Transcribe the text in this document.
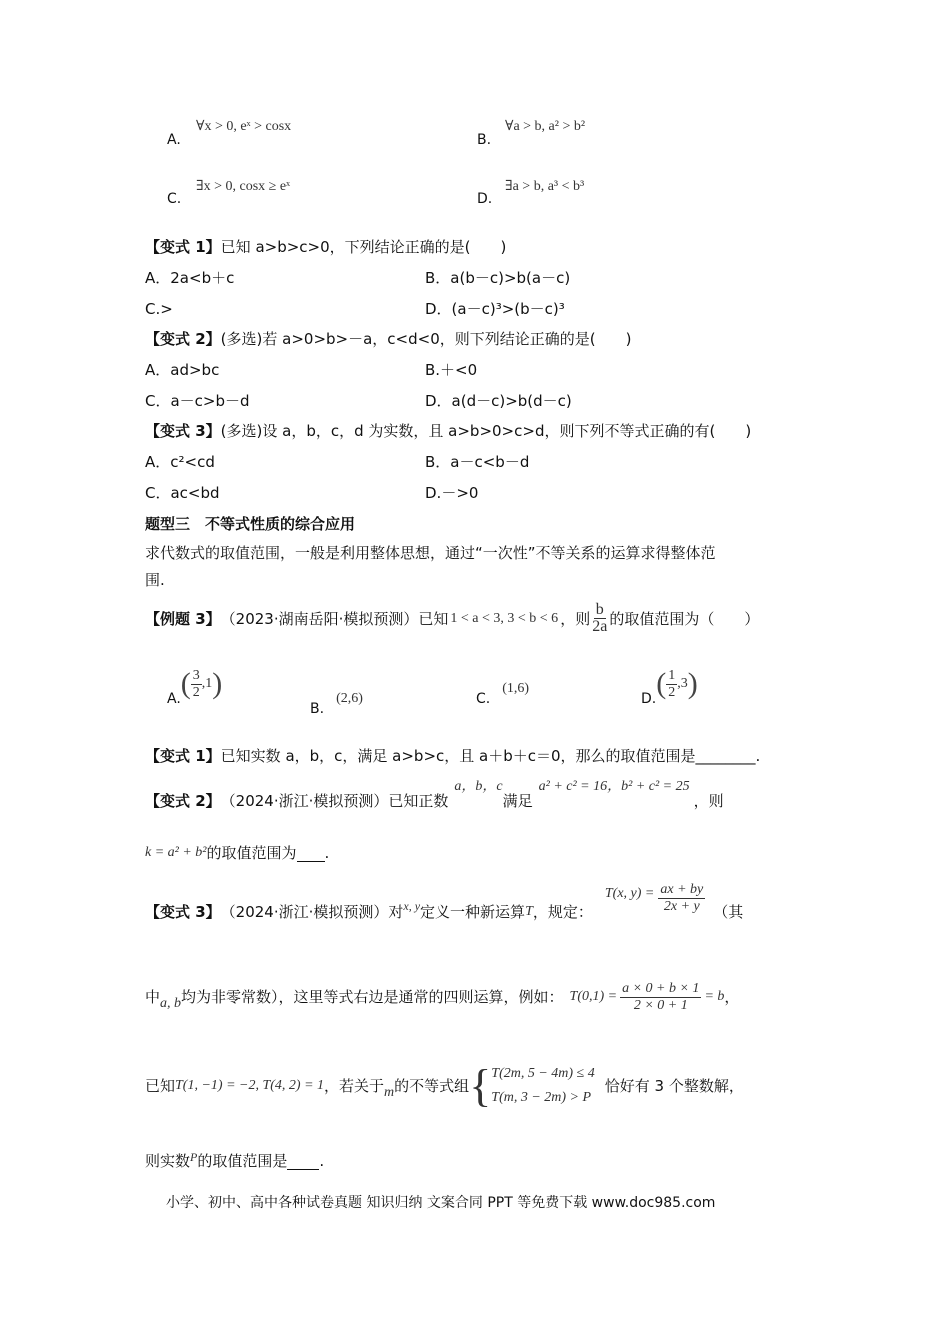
A.
∀x > 0, eˣ > cosx
B.
∀a > b, a² > b²
C.
∃x > 0, cosx ≥ eˣ
D.
∃a > b, a³ < b³
【变式 1】已知 a>b>c>0，下列结论正确的是(　　)
A．2a<b＋c	B．a(b－c)>b(a－c)
C.>	D．(a－c)³>(b－c)³
【变式 2】(多选)若 a>0>b>－a，c<d<0，则下列结论正确的是(　　)
A．ad>bc	B.＋<0
C．a－c>b－d	D．a(d－c)>b(d－c)
【变式 3】(多选)设 a，b，c，d 为实数，且 a>b>0>c>d，则下列不等式正确的有(　　)
A．c²<cd	B．a－c<b－d
C．ac<bd	D.－>0
题型三　不等式性质的综合应用
求代数式的取值范围，一般是利用整体思想，通过“一次性”不等关系的运算求得整体范
围.
【例题 3】 （2023·湖南岳阳·模拟预测）已知 1 < a < 3, 3 < b < 6 ，则 $\frac{b}{2a}$ 的取值范围为（　　）
A. ( $\frac{3}{2} ,1$ )
B.
(2,6)	C.
(1,6)
D. ( $\frac{1}{2} ,3$ )
【变式 1】已知实数 a，b，c，满足 a>b>c，且 a＋b＋c＝0，那么的取值范围是________.
【变式 2】 （2024·浙江·模拟预测）已知正数
a，b，c
满足
a² + c² = 16，b² + c² = 25
，则
k = a² + b² 的取值范围为 .
【变式 3】 （2024·浙江·模拟预测）对 x, y 定义一种新运算 T ，规定：
T(x, $y) = \frac{ax + by}{2x + y}$ （其
中 a, b 均为非零常数），这里等式右边是通常的四则运算，例如： $T(0,1) = \frac{a \times 0 + b \times 1}{2 \times 0 + 1} = b$ ，
已知 T(1, −1) = −2, T(4, 2) = 1 ，若关于 m 的不等式组 { T(2m, 5 − 4m) ≤ 4
T(m, 3 − 2m) > P
恰好有 3 个整数解，
则实数 P 的取值范围是 .
小学、初中、高中各种试卷真题 知识归纳 文案合同 PPT 等免费下载 www.doc985.com
